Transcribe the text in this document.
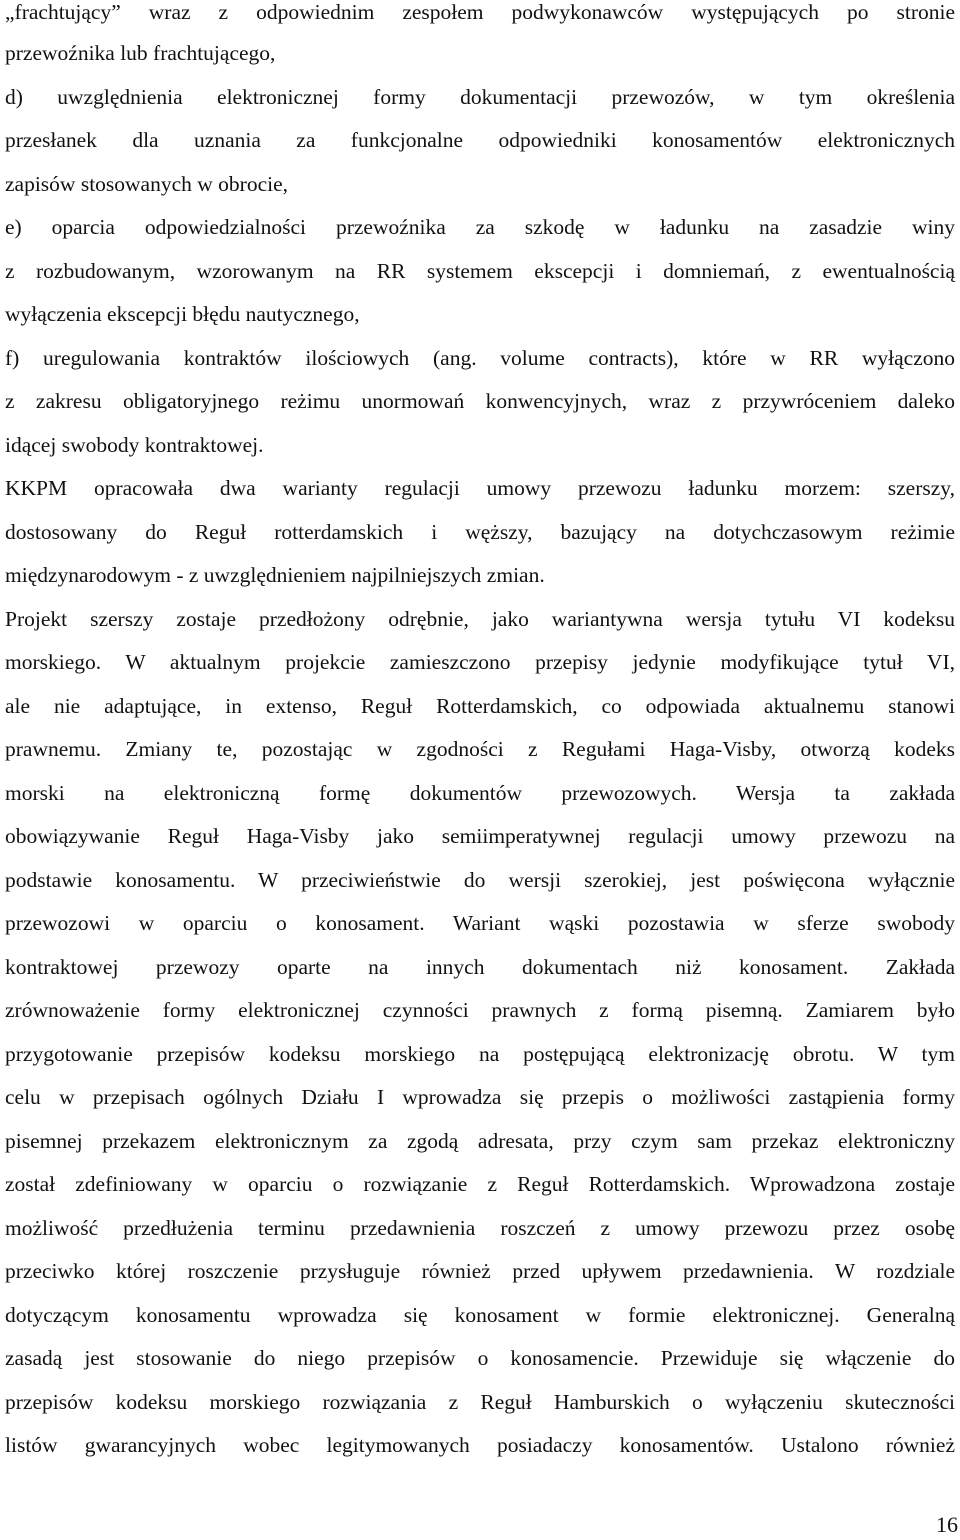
„frachtujący” wraz z odpowiednim zespołem podwykonawców występujących po stronie
przewoźnika lub frachtującego,
d) uwzględnienia elektronicznej formy dokumentacji przewozów, w tym określenia
przesłanek dla uznania za funkcjonalne odpowiedniki konosamentów elektronicznych
zapisów stosowanych w obrocie,
e) oparcia odpowiedzialności przewoźnika za szkodę w ładunku na zasadzie winy
z rozbudowanym, wzorowanym na RR systemem ekscepcji i domniemań, z ewentualnością
wyłączenia ekscepcji błędu nautycznego,
f) uregulowania kontraktów ilościowych (ang. volume contracts), które w RR wyłączono
z zakresu obligatoryjnego reżimu unormowań konwencyjnych, wraz z przywróceniem daleko
idącej swobody kontraktowej.
KKPM opracowała dwa warianty regulacji umowy przewozu ładunku morzem: szerszy,
dostosowany do Reguł rotterdamskich i węższy, bazujący na dotychczasowym reżimie
międzynarodowym - z uwzględnieniem najpilniejszych zmian.
Projekt szerszy zostaje przedłożony odrębnie, jako wariantywna wersja tytułu VI kodeksu
morskiego. W aktualnym projekcie zamieszczono przepisy jedynie modyfikujące tytuł VI,
ale nie adaptujące, in extenso, Reguł Rotterdamskich, co odpowiada aktualnemu stanowi
prawnemu. Zmiany te, pozostając w zgodności z Regułami Haga-Visby, otworzą kodeks
morski na elektroniczną formę dokumentów przewozowych. Wersja ta zakłada
obowiązywanie Reguł Haga-Visby jako semiimperatywnej regulacji umowy przewozu na
podstawie konosamentu. W przeciwieństwie do wersji szerokiej, jest poświęcona wyłącznie
przewozowi w oparciu o konosament. Wariant wąski pozostawia w sferze swobody
kontraktowej przewozy oparte na innych dokumentach niż konosament. Zakłada
zrównoważenie formy elektronicznej czynności prawnych z formą pisemną. Zamiarem było
przygotowanie przepisów kodeksu morskiego na postępującą elektronizację obrotu. W tym
celu w przepisach ogólnych Działu I wprowadza się przepis o możliwości zastąpienia formy
pisemnej przekazem elektronicznym za zgodą adresata, przy czym sam przekaz elektroniczny
został zdefiniowany w oparciu o rozwiązanie z Reguł Rotterdamskich. Wprowadzona zostaje
możliwość przedłużenia terminu przedawnienia roszczeń z umowy przewozu przez osobę
przeciwko której roszczenie przysługuje również przed upływem przedawnienia. W rozdziale
dotyczącym konosamentu wprowadza się konosament w formie elektronicznej. Generalną
zasadą jest stosowanie do niego przepisów o konosamencie. Przewiduje się włączenie do
przepisów kodeksu morskiego rozwiązania z Reguł Hamburskich o wyłączeniu skuteczności
listów gwarancyjnych wobec legitymowanych posiadaczy konosamentów. Ustalono również
16
